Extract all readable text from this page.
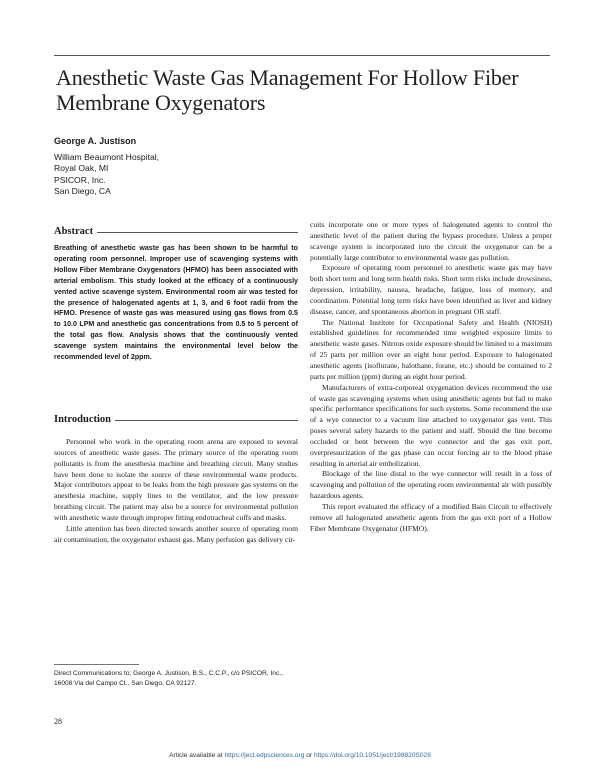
Anesthetic Waste Gas Management For Hollow Fiber Membrane Oxygenators
George A. Justison
William Beaumont Hospital,
Royal Oak, MI
PSICOR, Inc.
San Diego, CA
Abstract
Breathing of anesthetic waste gas has been shown to be harmful to operating room personnel. Improper use of scavenging systems with Hollow Fiber Membrane Oxygenators (HFMO) has been associated with arterial embolism. This study looked at the efficacy of a continuously vented active scavenge system. Environmental room air was tested for the presence of halogenated agents at 1, 3, and 6 foot radii from the HFMO. Presence of waste gas was measured using gas flows from 0.5 to 10.0 LPM and anesthetic gas concentrations from 0.5 to 5 percent of the total gas flow. Analysis shows that the continuously vented scavenge system maintains the environmental level below the recommended level of 2ppm.
Introduction

Personnel who work in the operating room arena are exposed to several sources of anesthetic waste gases. The primary source of the operating room pollutants is from the anesthesia machine and breathing circuit. Many studies have been done to isolate the source of these environmental waste products. Major contributors appear to be leaks from the high pressure gas systems on the anesthesia machine, supply lines to the ventilator, and the low pressure breathing circuit. The patient may also be a source for environmental pollution with anesthetic waste through improper fitting endotracheal cuffs and masks.

Little attention has been directed towards another source of operating room air contamination, the oxygenator exhaust gas. Many perfusion gas delivery cir-

Direct Communications to: George A. Justison, B.S., C.C.P., c/o PSICOR, Inc., 16008 Via del Campo Ct., San Diego, CA 92127.

cuits incorporate one or more types of halogenated agents to control the anesthetic level of the patient during the bypass procedure. Unless a proper scavenge system is incorporated into the circuit the oxygenator can be a potentially large contributor to environmental waste gas pollution.

Exposure of operating room personnel to anesthetic waste gas may have both short term and long term health risks. Short term risks include drowsiness, depression, irritability, nausea, headache, fatigue, loss of memory, and coordination. Potential long term risks have been identified as liver and kidney disease, cancer, and spontaneous abortion in pregnant OR staff.

The National Institute for Occupational Safety and Health (NIOSH) established guidelines for recommended time weighted exposure limits to anesthetic waste gases. Nitrous oxide exposure should be limited to a maximum of 25 parts per million over an eight hour period. Exposure to halogenated anesthetic agents (isoflurane, halothane, forane, etc.) should be contained to 2 parts per million (ppm) during an eight hour period.

Manufacturers of extra-corporeal oxygenation devices recommend the use of waste gas scavenging systems when using anesthetic agents but fail to make specific performance specifications for such systems. Some recommend the use of a wye connector to a vacuum line attached to oxygenator gas vent. This poses several safety hazards to the patient and staff. Should the line become occluded or bent between the wye connector and the gas exit port, overpressurization of the gas phase can occur forcing air to the blood phase resulting in arterial air embolization.

Blockage of the line distal to the wye connector will result in a loss of scavenging and pollution of the operating room environmental air with possibly hazardous agents.

This report evaluated the efficacy of a modified Bain Circuit to effectively remove all halogenated anesthetic agents from the gas exit port of a Hollow Fiber Membrane Oxygenator (HFMO).

28
Article available at https://ject.edpsciences.org or https://doi.org/10.1051/ject/198820S028
